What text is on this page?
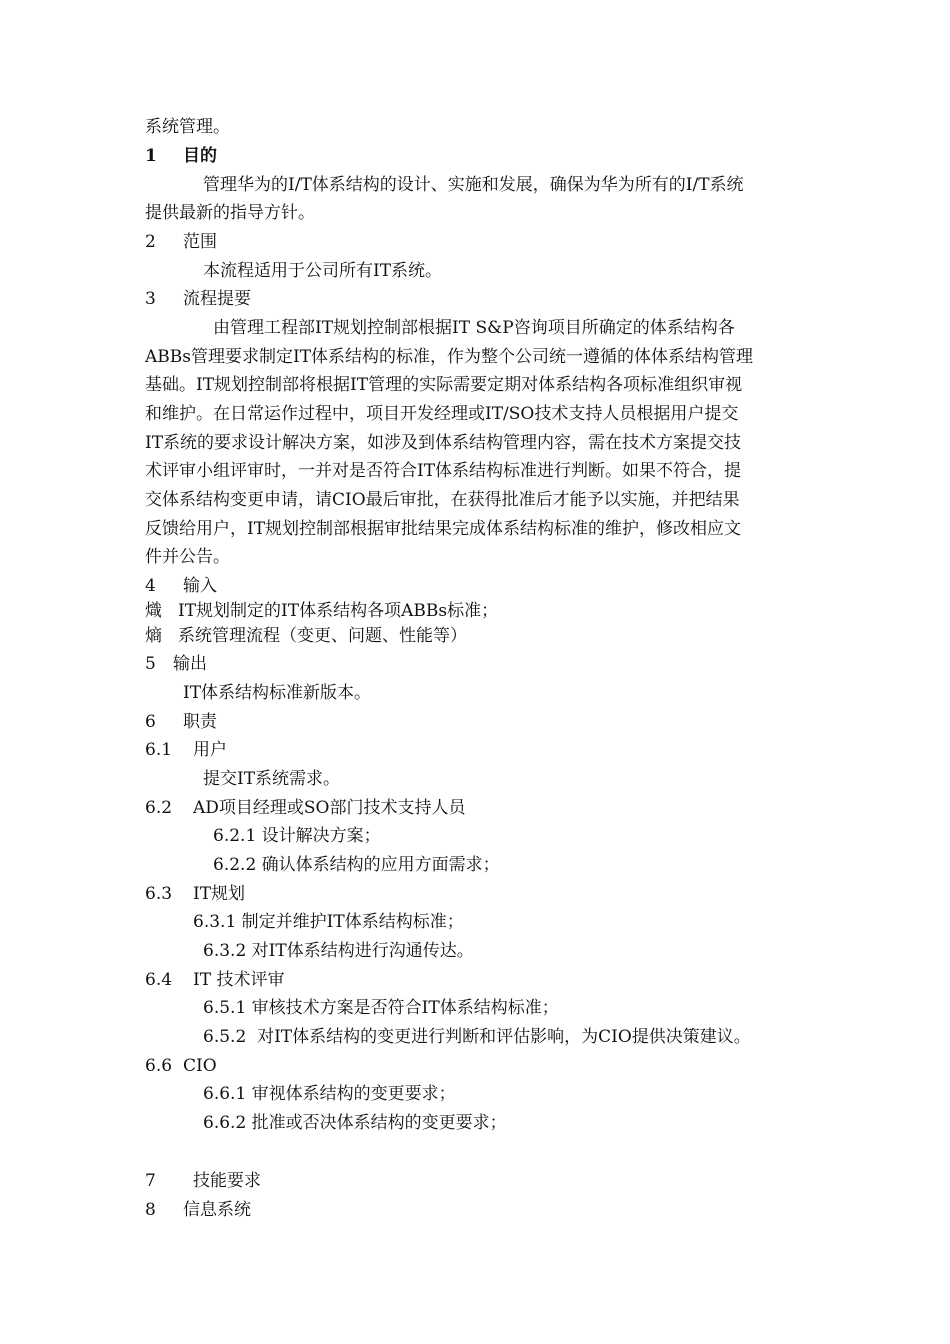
系统管理。
1 目的
管理华为的I/T体系结构的设计、实施和发展，确保为华为所有的I/T系统
提供最新的指导方针。
2 范围
本流程适用于公司所有IT系统。
3 流程提要
由管理工程部IT规划控制部根据IT S&P咨询项目所确定的体系结构各
ABBs管理要求制定IT体系结构的标准，作为整个公司统一遵循的体体系结构管理
基础。IT规划控制部将根据IT管理的实际需要定期对体系结构各项标准组织审视
和维护。在日常运作过程中，项目开发经理或IT/SO技术支持人员根据用户提交
IT系统的要求设计解决方案，如涉及到体系结构管理内容，需在技术方案提交技
术评审小组评审时，一并对是否符合IT体系结构标准进行判断。如果不符合，提
交体系结构变更申请，请CIO最后审批，在获得批准后才能予以实施，并把结果
反馈给用户，IT规划控制部根据审批结果完成体系结构标准的维护，修改相应文
件并公告。
4 输入
熾 IT规划制定的IT体系结构各项ABBs标准；
熵 系统管理流程（变更、问题、性能等）
5 输出
IT体系结构标准新版本。
6 职责
6.1 用户
提交IT系统需求。
6.2 AD项目经理或SO部门技术支持人员
6.2.1 设计解决方案；
6.2.2 确认体系结构的应用方面需求；
6.3 IT规划
6.3.1 制定并维护IT体系结构标准；
6.3.2 对IT体系结构进行沟通传达。
6.4 IT 技术评审
6.5.1 审核技术方案是否符合IT体系结构标准；
6.5.2  对IT体系结构的变更进行判断和评估影响，为CIO提供决策建议。
6.6 CIO
6.6.1 审视体系结构的变更要求；
6.6.2 批准或否决体系结构的变更要求；
7 技能要求
8 信息系统
